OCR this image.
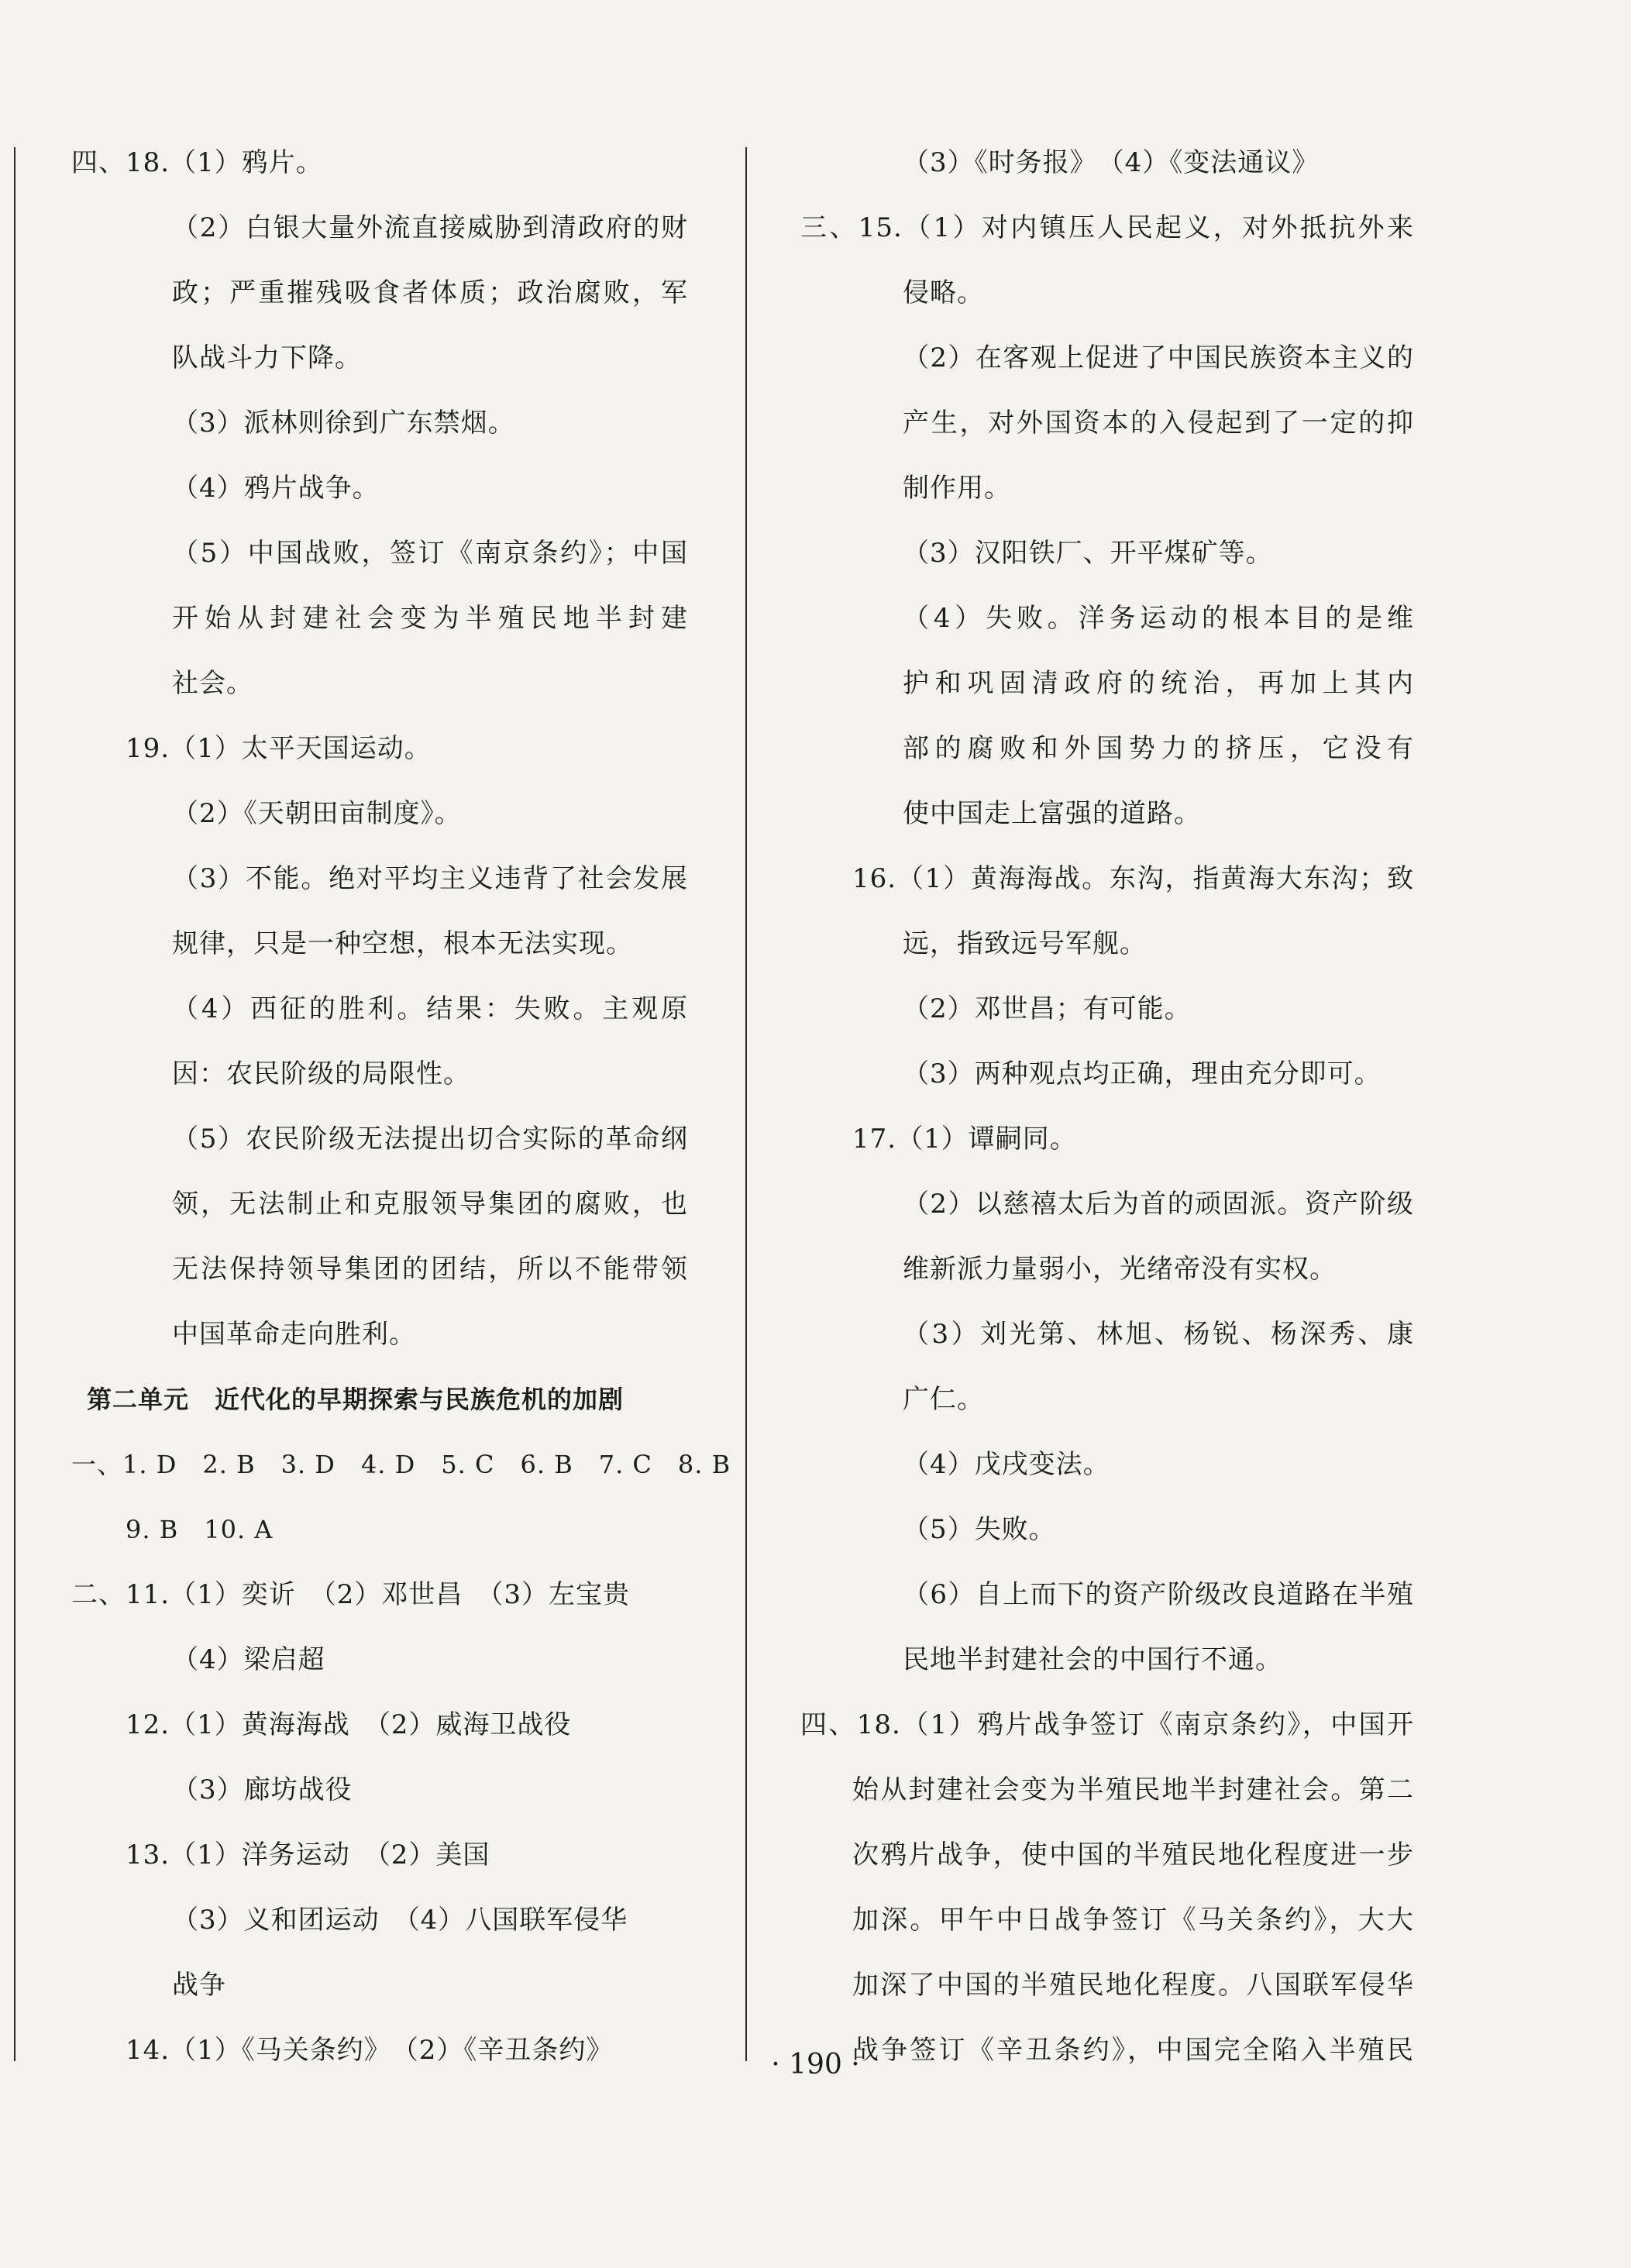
四、18.（1）鸦片。
（2）白银大量外流直接威胁到清政府的财
政；严重摧残吸食者体质；政治腐败，军
队战斗力下降。
（3）派林则徐到广东禁烟。
（4）鸦片战争。
（5）中国战败，签订《南京条约》；中国
开始从封建社会变为半殖民地半封建
社会。
19.（1）太平天国运动。
（2）《天朝田亩制度》。
（3）不能。绝对平均主义违背了社会发展
规律，只是一种空想，根本无法实现。
（4）西征的胜利。结果：失败。主观原
因：农民阶级的局限性。
（5）农民阶级无法提出切合实际的革命纲
领，无法制止和克服领导集团的腐败，也
无法保持领导集团的团结，所以不能带领
中国革命走向胜利。
第二单元　近代化的早期探索与民族危机的加剧
一、1. D　2. B　3. D　4. D　5. C　6. B　7. C　8. B
9. B　10. A
二、11.（1）奕䜣　（2）邓世昌　（3）左宝贵
（4）梁启超
12.（1）黄海海战　（2）威海卫战役
（3）廊坊战役
13.（1）洋务运动　（2）美国
（3）义和团运动　（4）八国联军侵华
战争
14.（1）《马关条约》　（2）《辛丑条约》
（3）《时务报》　（4）《变法通议》
三、15.（1）对内镇压人民起义，对外抵抗外来
侵略。
（2）在客观上促进了中国民族资本主义的
产生，对外国资本的入侵起到了一定的抑
制作用。
（3）汉阳铁厂、开平煤矿等。
（4）失败。洋务运动的根本目的是维
护和巩固清政府的统治，再加上其内
部的腐败和外国势力的挤压，它没有
使中国走上富强的道路。
16.（1）黄海海战。东沟，指黄海大东沟；致
远，指致远号军舰。
（2）邓世昌；有可能。
（3）两种观点均正确，理由充分即可。
17.（1）谭嗣同。
（2）以慈禧太后为首的顽固派。资产阶级
维新派力量弱小，光绪帝没有实权。
（3）刘光第、林旭、杨锐、杨深秀、康
广仁。
（4）戊戌变法。
（5）失败。
（6）自上而下的资产阶级改良道路在半殖
民地半封建社会的中国行不通。
四、18.（1）鸦片战争签订《南京条约》，中国开
始从封建社会变为半殖民地半封建社会。第二
次鸦片战争，使中国的半殖民地化程度进一步
加深。甲午中日战争签订《马关条约》，大大
加深了中国的半殖民地化程度。八国联军侵华
战争签订《辛丑条约》，中国完全陷入半殖民
· 190 ·
